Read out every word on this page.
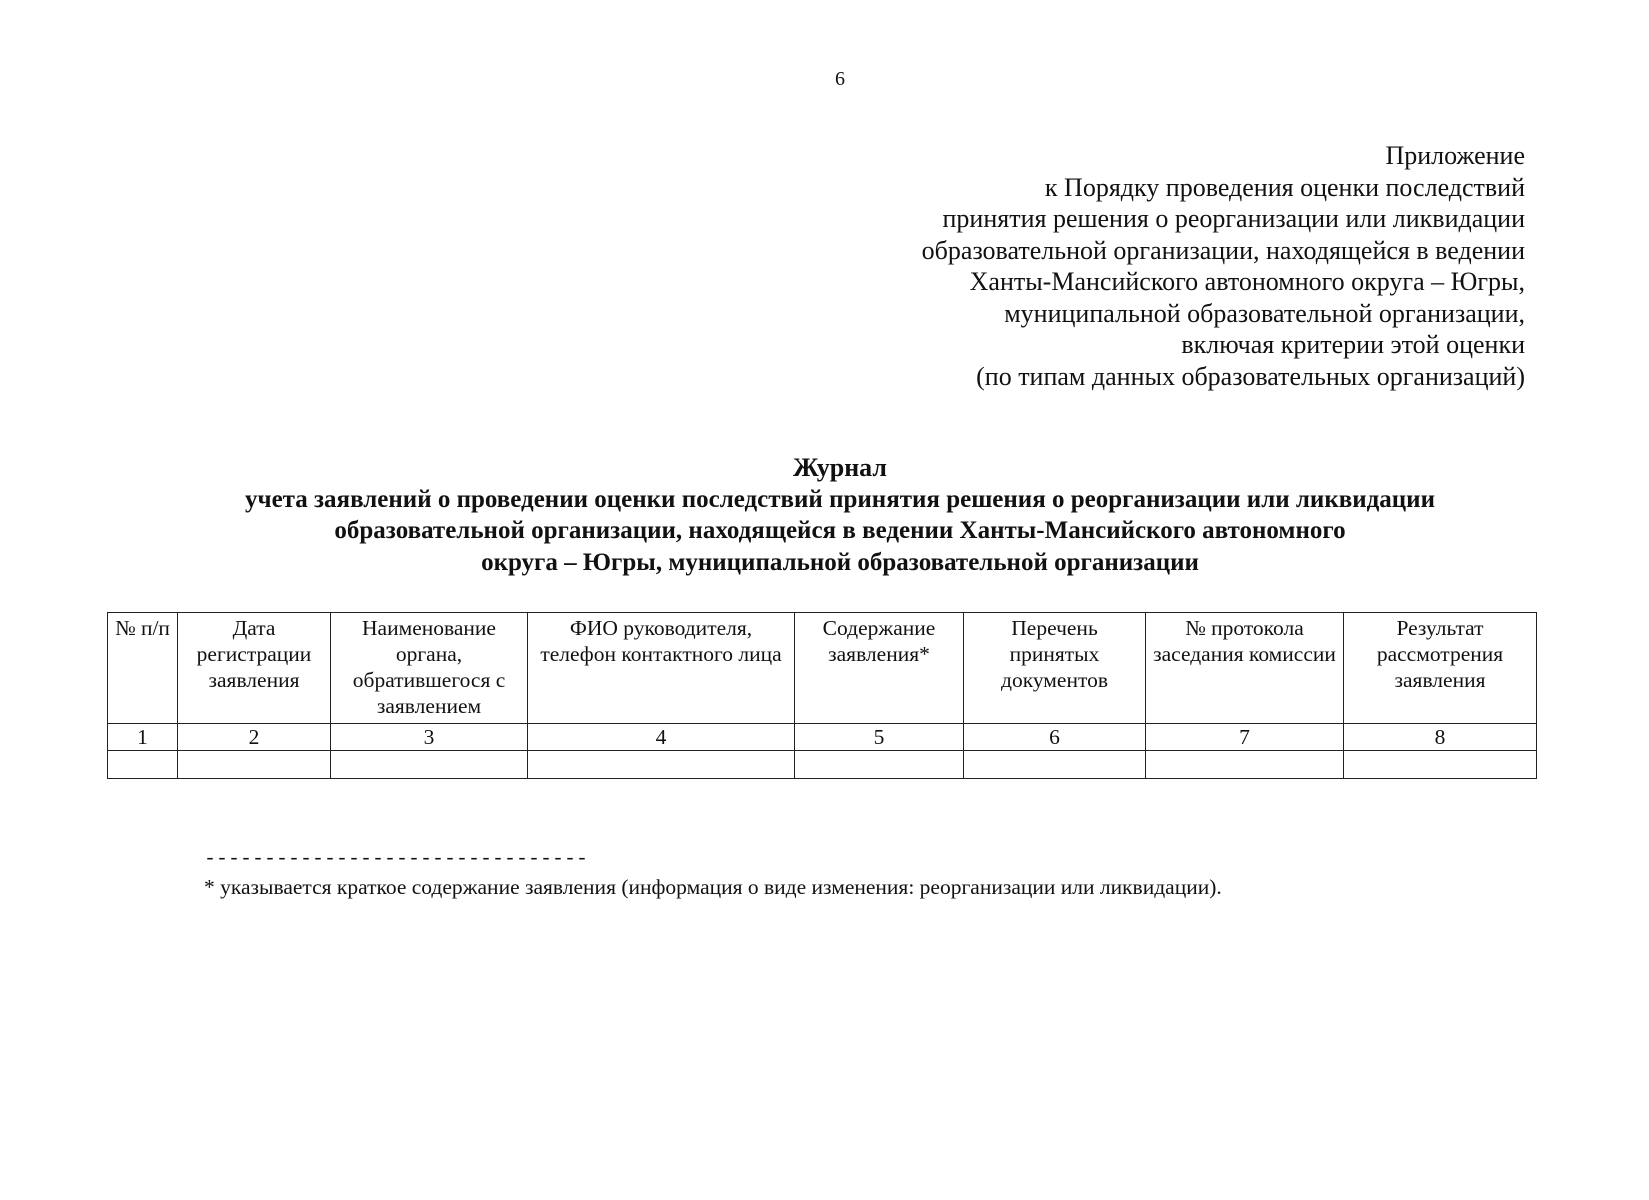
6
Приложение
к Порядку проведения оценки последствий
принятия решения о реорганизации или ликвидации
образовательной организации, находящейся в ведении
Ханты-Мансийского автономного округа – Югры,
муниципальной образовательной организации,
включая критерии этой оценки
(по типам данных образовательных организаций)
Журнал
учета заявлений о проведении оценки последствий принятия решения о реорганизации или ликвидации
образовательной организации, находящейся в ведении Ханты-Мансийского автономного
округа – Югры, муниципальной образовательной организации
№ п/п	Дата регистрации заявления	Наименование органа, обратившегося с заявлением	ФИО руководителя, телефон контактного лица	Содержание заявления*	Перечень принятых документов	№ протокола заседания комиссии	Результат рассмотрения заявления
1	2	3	4	5	6	7	8

--------------------------------
* указывается краткое содержание заявления (информация о виде изменения: реорганизации или ликвидации).
